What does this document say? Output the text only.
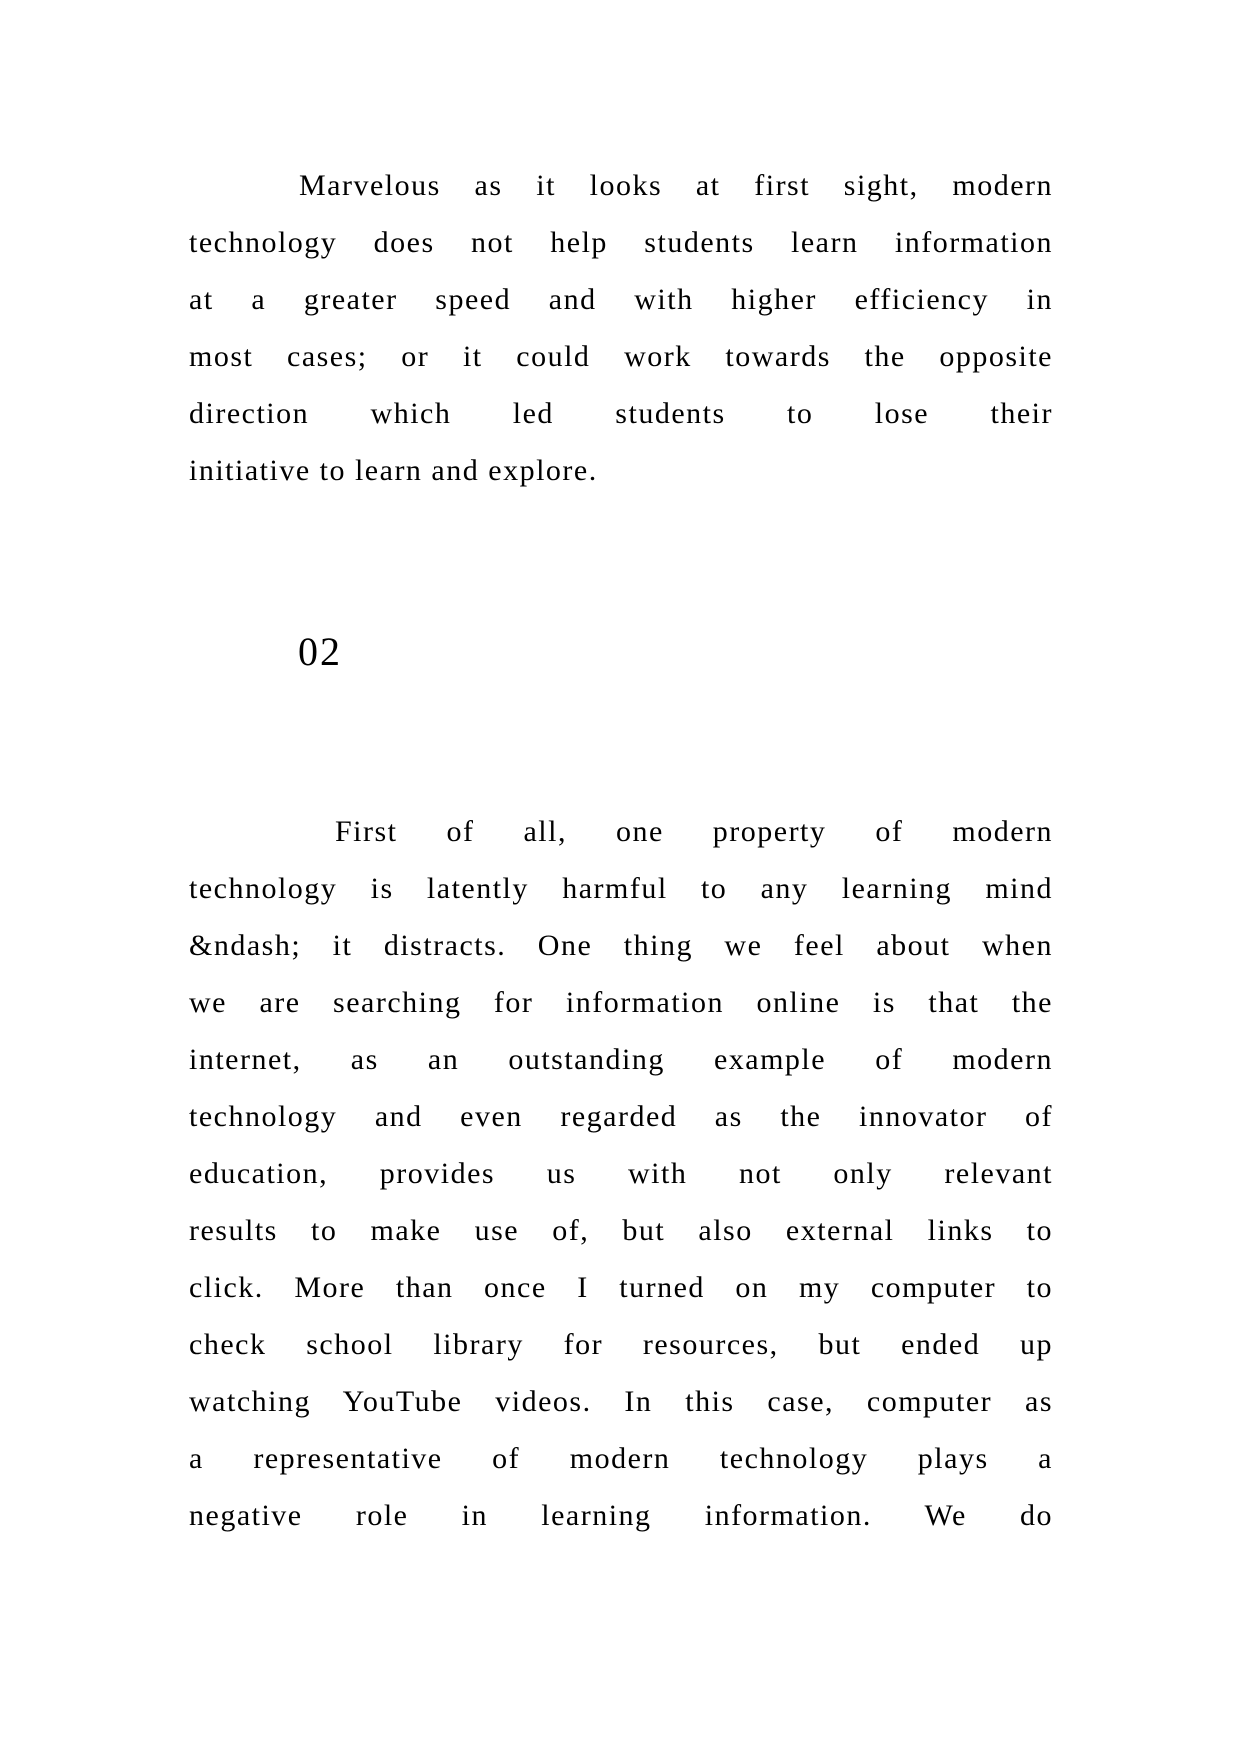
Marvelous as it looks at first sight, modern
technology does not help students learn information
at a greater speed and with higher efficiency in
most cases; or it could work towards the opposite
direction which led students to lose their
initiative to learn and explore.
02
First of all, one property of modern
technology is latently harmful to any learning mind
&ndash; it distracts. One thing we feel about when
we are searching for information online is that the
internet, as an outstanding example of modern
technology and even regarded as the innovator of
education, provides us with not only relevant
results to make use of, but also external links to
click. More than once I turned on my computer to
check school library for resources, but ended up
watching YouTube videos. In this case, computer as
a representative of modern technology plays a
negative role in learning information. We do
